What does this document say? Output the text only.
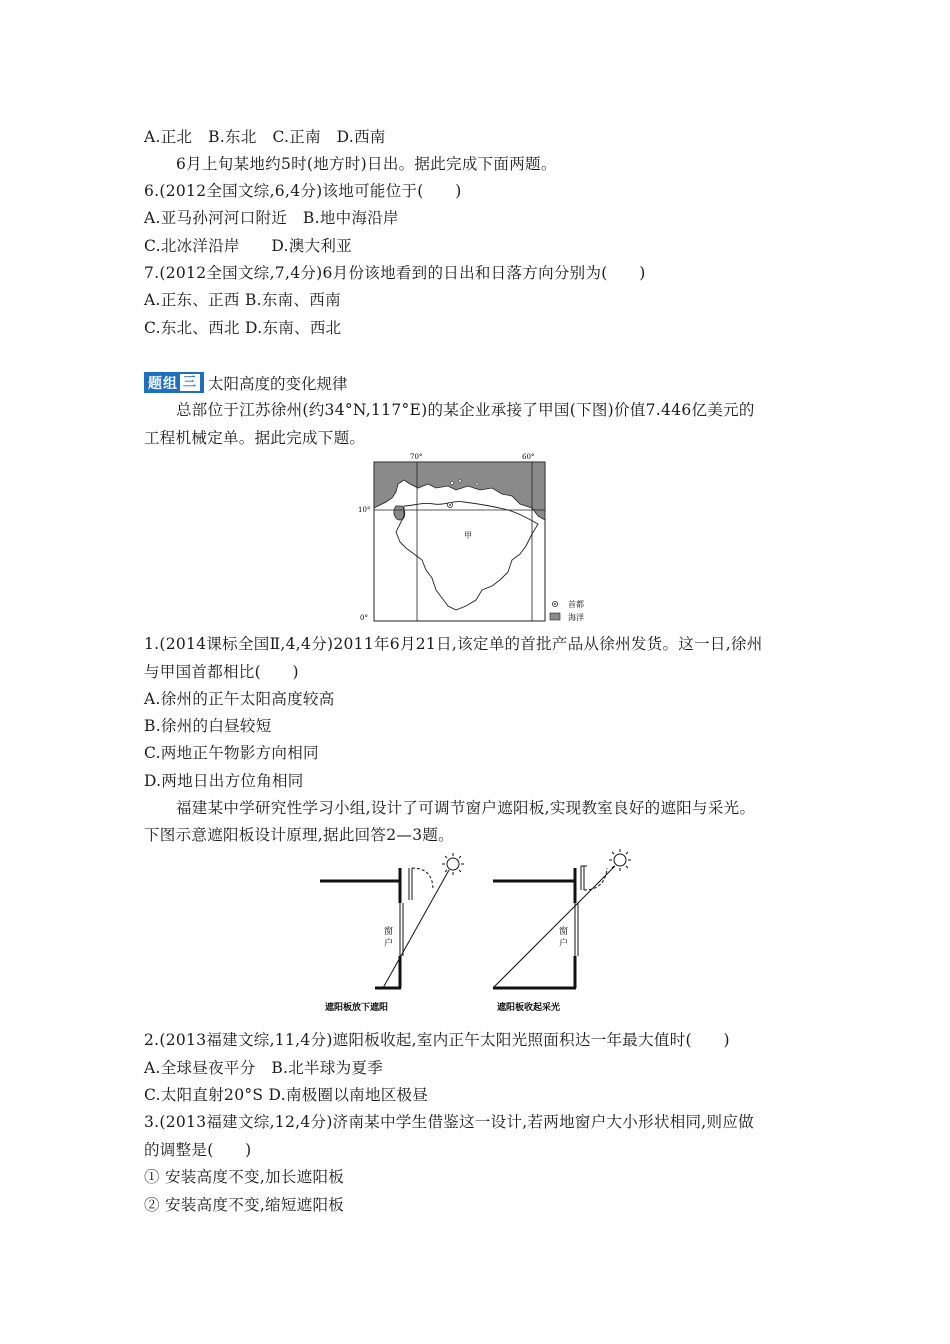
A.正北　B.东北　C.正南　D.西南
6月上旬某地约5时(地方时)日出。据此完成下面两题。
6.(2012全国文综,6,4分)该地可能位于(　　)
A.亚马孙河河口附近　B.地中海沿岸
C.北冰洋沿岸　　D.澳大利亚
7.(2012全国文综,7,4分)6月份该地看到的日出和日落方向分别为(　　)
A.正东、正西 B.东南、西南
C.东北、西北 D.东南、西北
题组 三 太阳高度的变化规律
总部位于江苏徐州(约34°N,117°E)的某企业承接了甲国(下图)价值7.446亿美元的
工程机械定单。据此完成下题。
70°	60°
10°
0°
甲
首都
海洋
1.(2014课标全国Ⅱ,4,4分)2011年6月21日,该定单的首批产品从徐州发货。这一日,徐州
与甲国首都相比(　　)
A.徐州的正午太阳高度较高
B.徐州的白昼较短
C.两地正午物影方向相同
D.两地日出方位角相同
福建某中学研究性学习小组,设计了可调节窗户遮阳板,实现教室良好的遮阳与采光。
下图示意遮阳板设计原理,据此回答2—3题。
窗
户
遮阳板放下遮阳
窗
户
遮阳板收起采光
2.(2013福建文综,11,4分)遮阳板收起,室内正午太阳光照面积达一年最大值时(　　)
A.全球昼夜平分　B.北半球为夏季
C.太阳直射20°S D.南极圈以南地区极昼
3.(2013福建文综,12,4分)济南某中学生借鉴这一设计,若两地窗户大小形状相同,则应做
的调整是(　　)
① 安装高度不变,加长遮阳板
② 安装高度不变,缩短遮阳板
